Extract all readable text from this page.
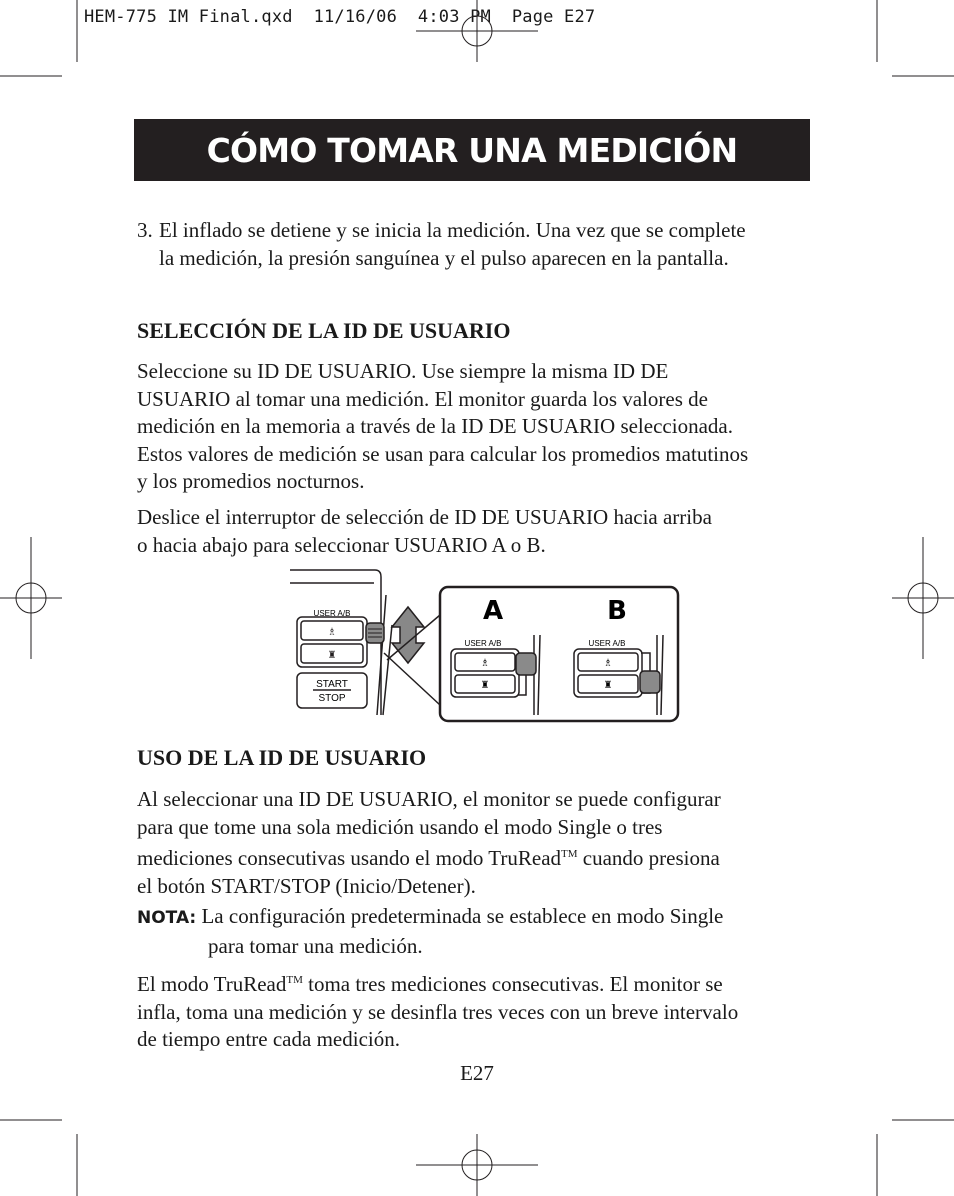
HEM-775 IM Final.qxd  11/16/06  4:03 PM  Page E27
CÓMO TOMAR UNA MEDICIÓN
3. El inflado se detiene y se inicia la medición. Una vez que se complete
la medición, la presión sanguínea y el pulso aparecen en la pantalla.
SELECCIÓN DE LA ID DE USUARIO
Seleccione su ID DE USUARIO. Use siempre la misma ID DE
USUARIO al tomar una medición. El monitor guarda los valores de
medición en la memoria a través de la ID DE USUARIO seleccionada.
Estos valores de medición se usan para calcular los promedios matutinos
y los promedios nocturnos.
Deslice el interruptor de selección de ID DE USUARIO hacia arriba
o hacia abajo para seleccionar USUARIO A o B.
USER A/B
♗
♜
START
STOP
A
USER A/B
♗
♜
B
USER A/B
♗
♜
USO DE LA ID DE USUARIO
Al seleccionar una ID DE USUARIO, el monitor se puede configurar
para que tome una sola medición usando el modo Single o tres
mediciones consecutivas usando el modo TruRead™ cuando presiona
el botón START/STOP (Inicio/Detener).
NOTA: La configuración predeterminada se establece en modo Single
para tomar una medición.
El modo TruRead™ toma tres mediciones consecutivas. El monitor se
infla, toma una medición y se desinfla tres veces con un breve intervalo
de tiempo entre cada medición.
E27
